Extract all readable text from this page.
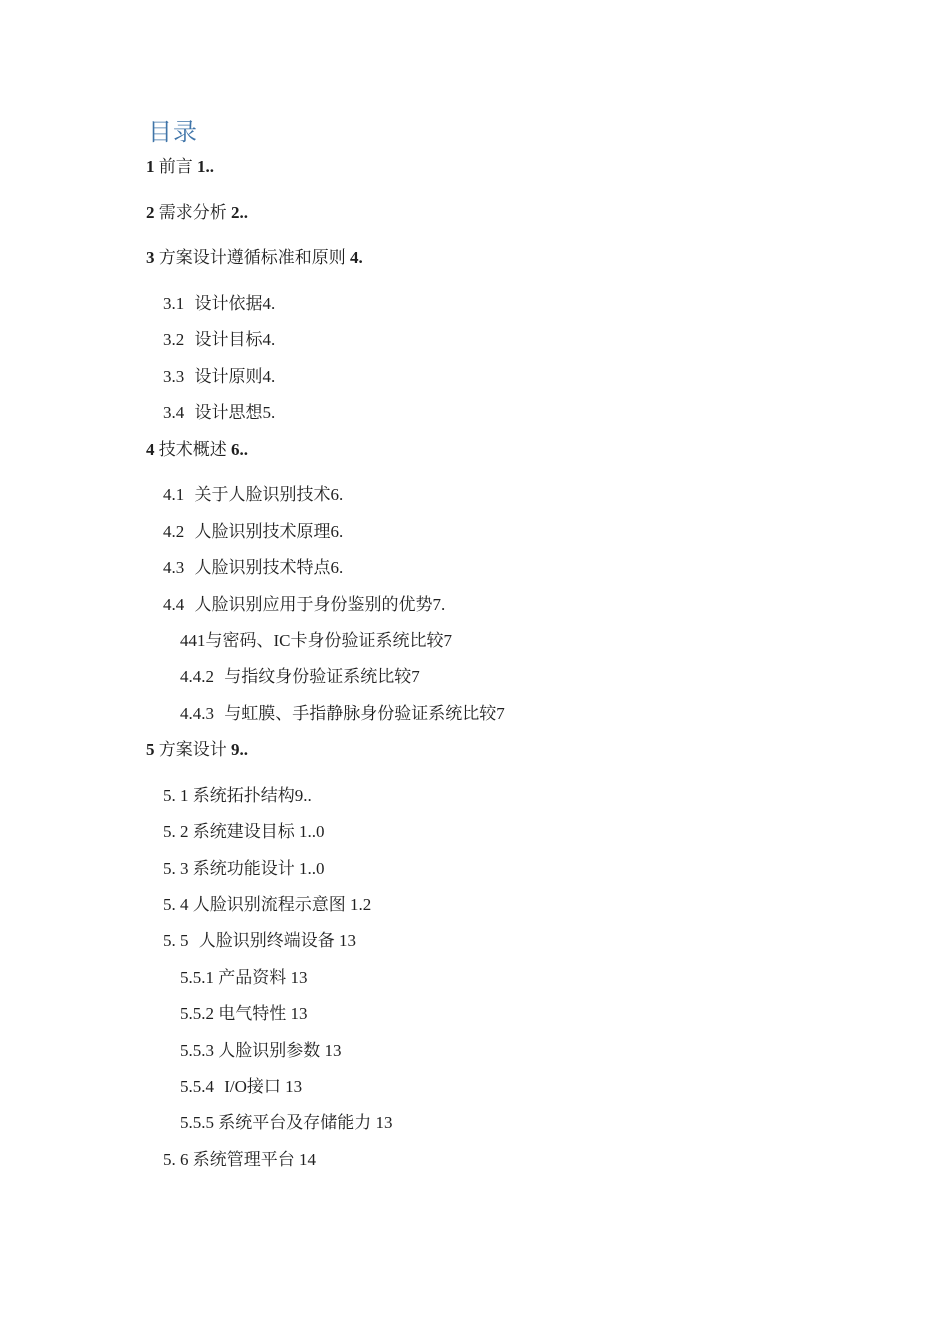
目录
1 前言 1..
2 需求分析 2..
3 方案设计遵循标准和原则 4.
3.1 设计依据4.
3.2 设计目标4.
3.3 设计原则4.
3.4 设计思想5.
4 技术概述 6..
4.1 关于人脸识别技术6.
4.2 人脸识别技术原理6.
4.3 人脸识别技术特点6.
4.4 人脸识别应用于身份鉴别的优势7.
441与密码、IC卡身份验证系统比较7
4.4.2 与指纹身份验证系统比较7
4.4.3 与虹膜、手指静脉身份验证系统比较7
5 方案设计 9..
5. 1 系统拓扑结构9..
5. 2 系统建设目标 1..0
5. 3 系统功能设计 1..0
5. 4 人脸识别流程示意图 1.2
5. 5 人脸识别终端设备 13
5.5.1 产品资料 13
5.5.2 电气特性 13
5.5.3 人脸识别参数 13
5.5.4 I/O接口 13
5.5.5 系统平台及存储能力 13
5. 6 系统管理平台 14
